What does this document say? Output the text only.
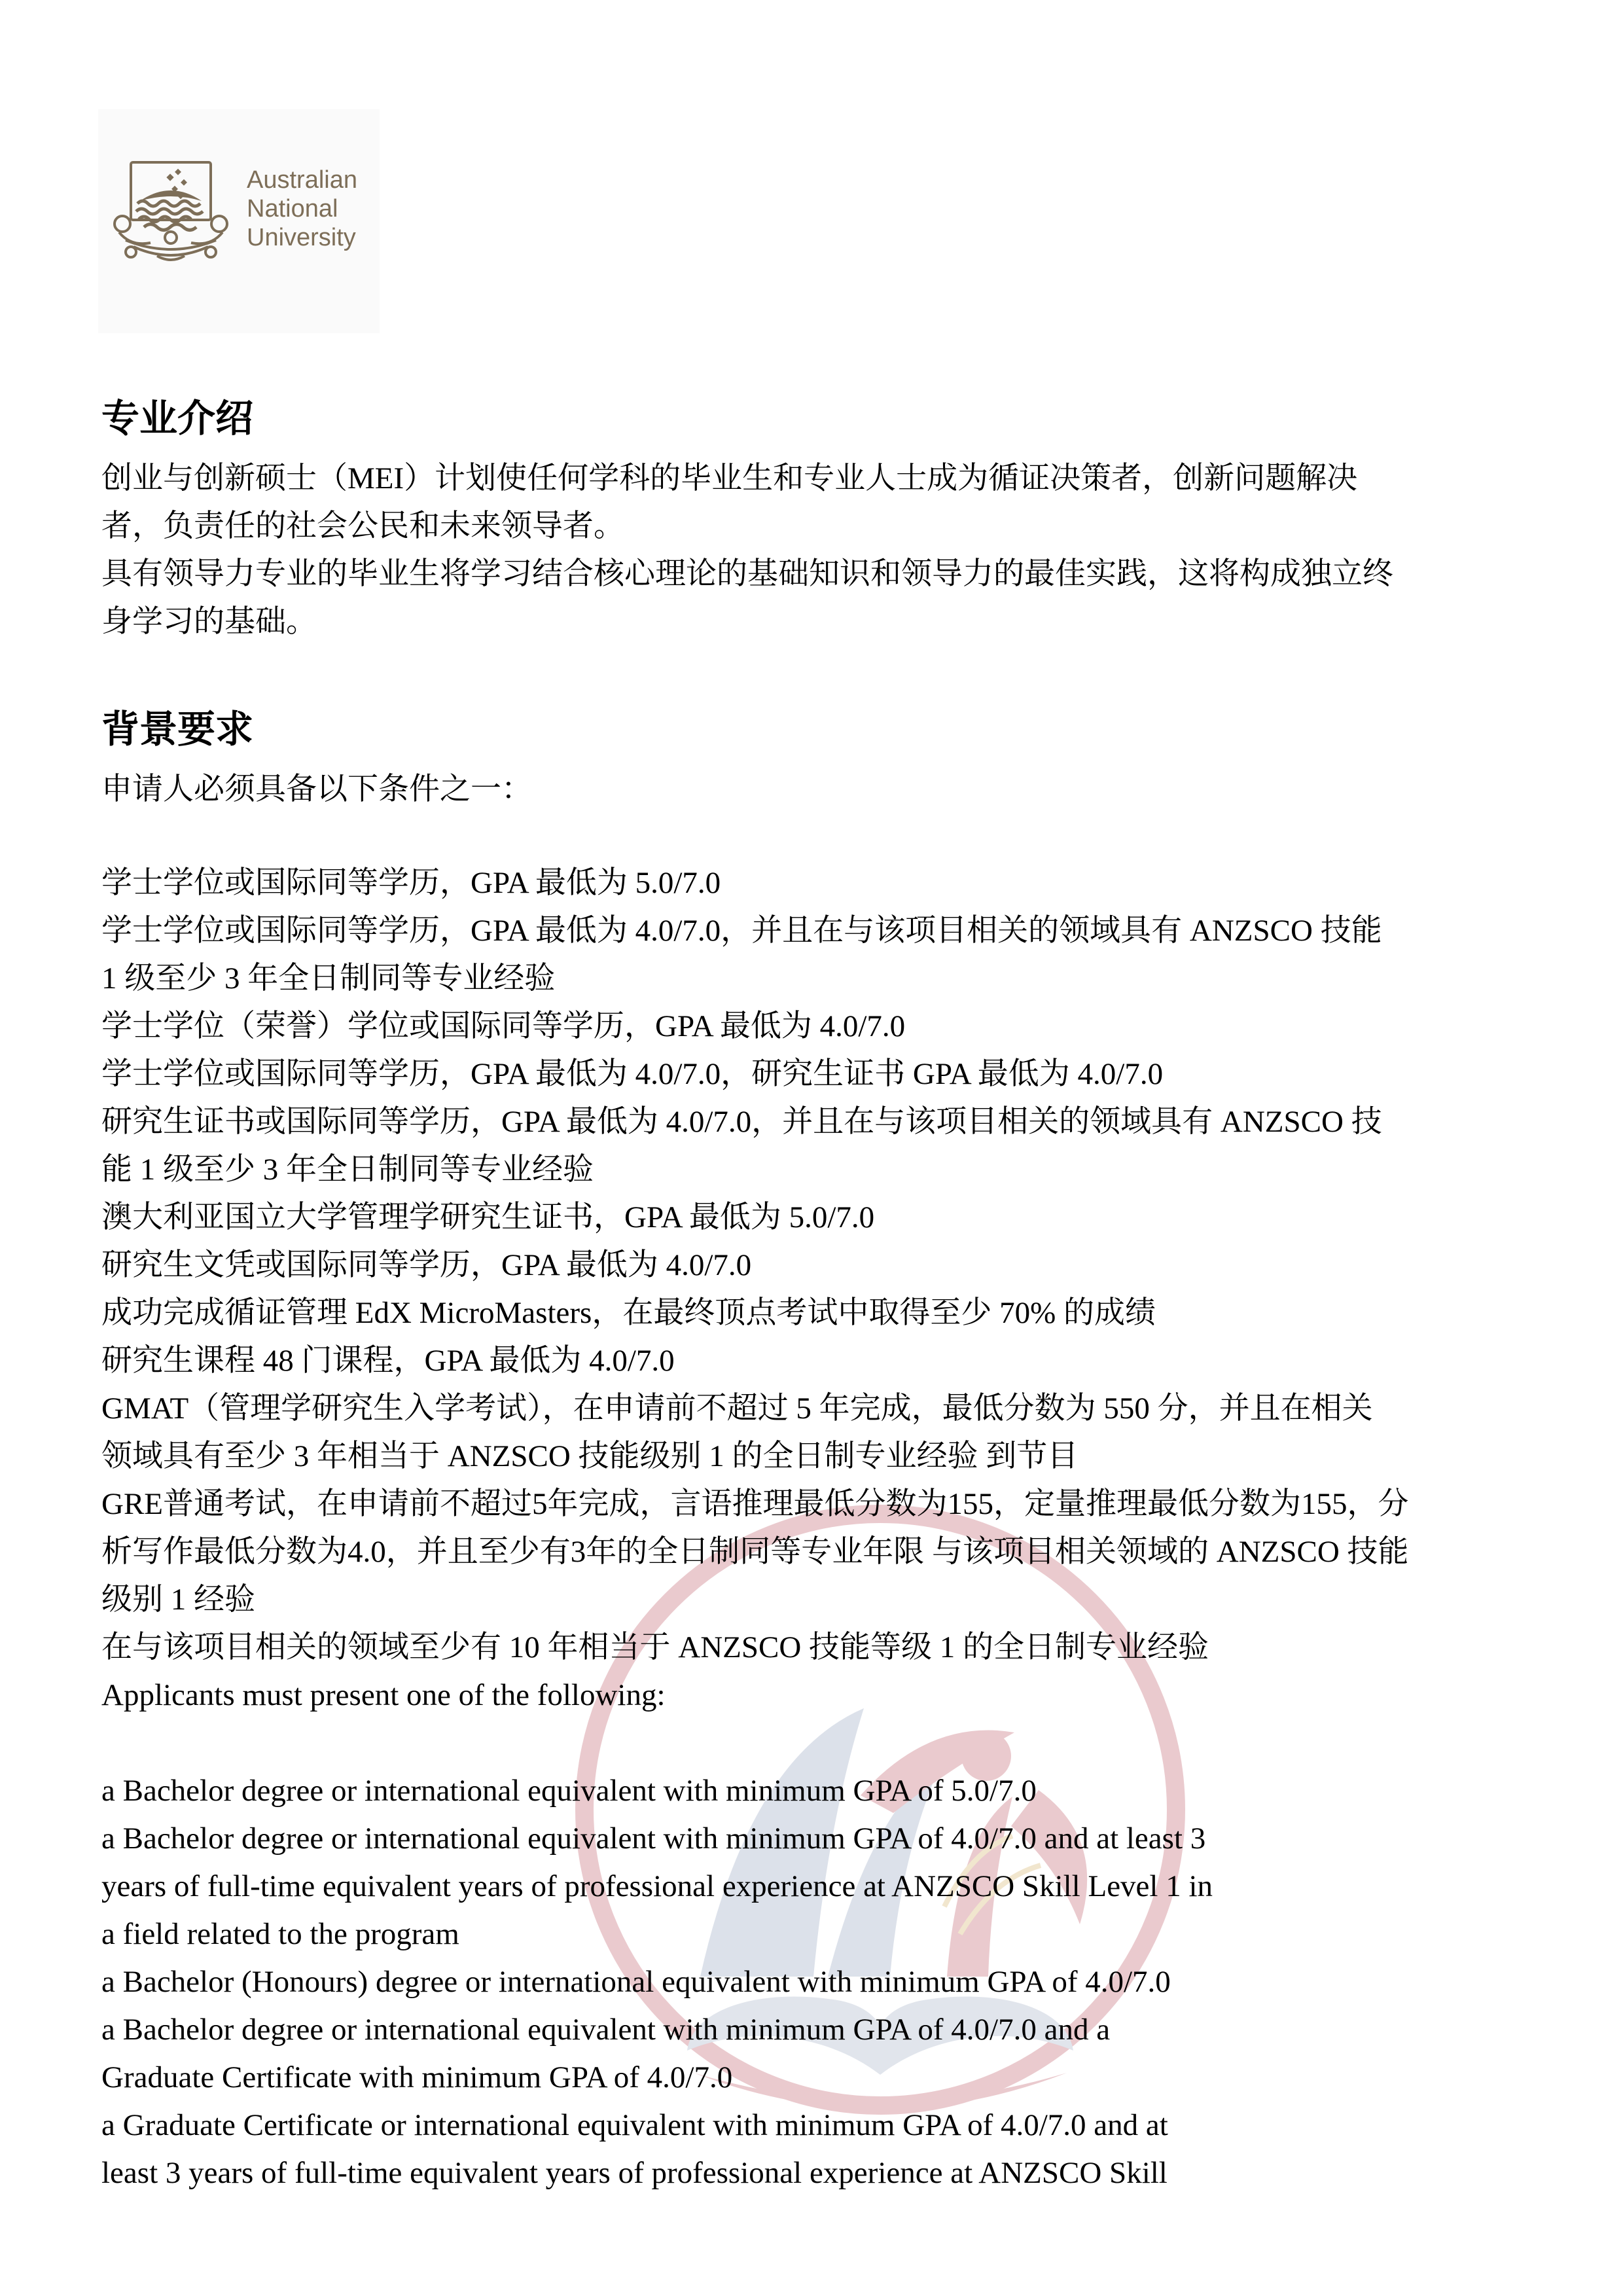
Australian
National
University
专业介绍
创业与创新硕士（MEI）计划使任何学科的毕业生和专业人士成为循证决策者，创新问题解决
者，负责任的社会公民和未来领导者。
具有领导力专业的毕业生将学习结合核心理论的基础知识和领导力的最佳实践，这将构成独立终
身学习的基础。
背景要求
申请人必须具备以下条件之一：
学士学位或国际同等学历，GPA 最低为 5.0/7.0
学士学位或国际同等学历，GPA 最低为 4.0/7.0，并且在与该项目相关的领域具有 ANZSCO 技能
1 级至少 3 年全日制同等专业经验
学士学位（荣誉）学位或国际同等学历，GPA 最低为 4.0/7.0
学士学位或国际同等学历，GPA 最低为 4.0/7.0，研究生证书 GPA 最低为 4.0/7.0
研究生证书或国际同等学历，GPA 最低为 4.0/7.0，并且在与该项目相关的领域具有 ANZSCO 技
能 1 级至少 3 年全日制同等专业经验
澳大利亚国立大学管理学研究生证书，GPA 最低为 5.0/7.0
研究生文凭或国际同等学历，GPA 最低为 4.0/7.0
成功完成循证管理 EdX MicroMasters，在最终顶点考试中取得至少 70% 的成绩
研究生课程 48 门课程，GPA 最低为 4.0/7.0
GMAT（管理学研究生入学考试），在申请前不超过 5 年完成，最低分数为 550 分，并且在相关
领域具有至少 3 年相当于 ANZSCO 技能级别 1 的全日制专业经验 到节目
GRE普通考试，在申请前不超过5年完成，言语推理最低分数为155，定量推理最低分数为155，分
析写作最低分数为4.0，并且至少有3年的全日制同等专业年限 与该项目相关领域的 ANZSCO 技能
级别 1 经验
在与该项目相关的领域至少有 10 年相当于 ANZSCO 技能等级 1 的全日制专业经验
Applicants must present one of the following:
a Bachelor degree or international equivalent with minimum GPA of 5.0/7.0
a Bachelor degree or international equivalent with minimum GPA of 4.0/7.0 and at least 3
years of full-time equivalent years of professional experience at ANZSCO Skill Level 1 in
a field related to the program
a Bachelor (Honours) degree or international equivalent with minimum GPA of 4.0/7.0
a Bachelor degree or international equivalent with minimum GPA of 4.0/7.0 and a
Graduate Certificate with minimum GPA of 4.0/7.0
a Graduate Certificate or international equivalent with minimum GPA of 4.0/7.0 and at
least 3 years of full-time equivalent years of professional experience at ANZSCO Skill
